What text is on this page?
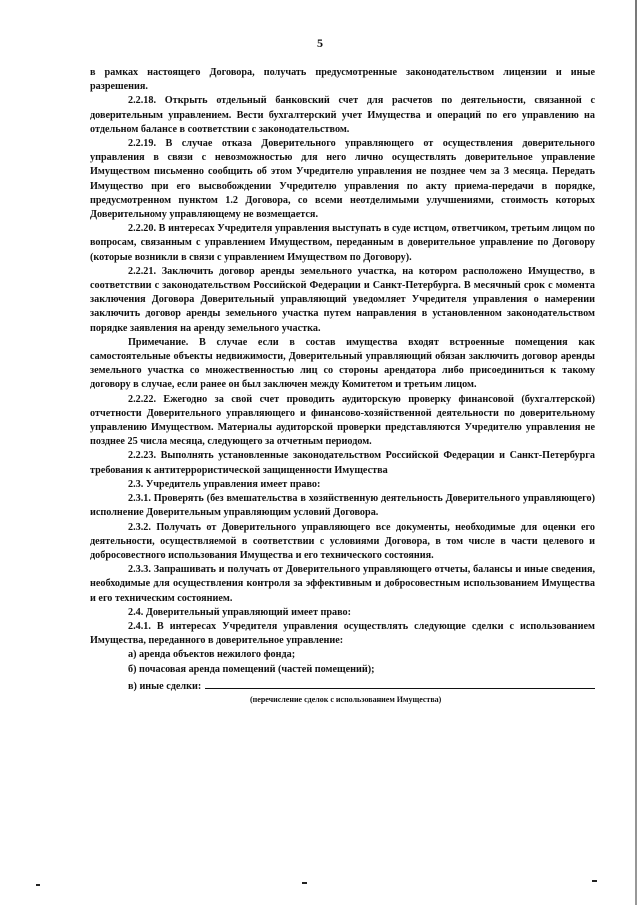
5

в рамках настоящего Договора, получать предусмотренные законодательством лицензии и иные разрешения.

2.2.18. Открыть отдельный банковский счет для расчетов по деятельности, связанной с доверительным управлением. Вести бухгалтерский учет Имущества и операций по его управлению на отдельном балансе в соответствии с законодательством.

2.2.19. В случае отказа Доверительного управляющего от осуществления доверительного управления в связи с невозможностью для него лично осуществлять доверительное управление Имуществом письменно сообщить об этом Учредителю управления не позднее чем за 3 месяца. Передать Имущество при его высвобождении Учредителю управления по акту приема-передачи в порядке, предусмотренном пунктом 1.2 Договора, со всеми неотделимыми улучшениями, стоимость которых Доверительному управляющему не возмещается.

2.2.20. В интересах Учредителя управления выступать в суде истцом, ответчиком, третьим лицом по вопросам, связанным с управлением Имуществом, переданным в доверительное управление по Договору (которые возникли в связи с управлением Имуществом по Договору).

2.2.21. Заключить договор аренды земельного участка, на котором расположено Имущество, в соответствии с законодательством Российской Федерации и Санкт-Петербурга. В месячный срок с момента заключения Договора Доверительный управляющий уведомляет Учредителя управления о намерении заключить договор аренды земельного участка путем направления в установленном законодательством порядке заявления на аренду земельного участка.

Примечание. В случае если в состав имущества входят встроенные помещения как самостоятельные объекты недвижимости, Доверительный управляющий обязан заключить договор аренды земельного участка со множественностью лиц со стороны арендатора либо присоединиться к такому договору в случае, если ранее он был заключен между Комитетом и третьим лицом.

2.2.22. Ежегодно за свой счет проводить аудиторскую проверку финансовой (бухгалтерской) отчетности Доверительного управляющего и финансово-хозяйственной деятельности по доверительному управлению Имуществом. Материалы аудиторской проверки представляются Учредителю управления не позднее 25 числа месяца, следующего за отчетным периодом.

2.2.23. Выполнять установленные законодательством Российской Федерации и Санкт-Петербурга требования к антитеррористической защищенности Имущества

2.3. Учредитель управления имеет право:

2.3.1. Проверять (без вмешательства в хозяйственную деятельность Доверительного управляющего) исполнение Доверительным управляющим условий Договора.

2.3.2. Получать от Доверительного управляющего все документы, необходимые для оценки его деятельности, осуществляемой в соответствии с условиями Договора, в том числе в части целевого и добросовестного использования Имущества и его технического состояния.

2.3.3. Запрашивать и получать от Доверительного управляющего отчеты, балансы и иные сведения, необходимые для осуществления контроля за эффективным и добросовестным использованием Имущества и его техническим состоянием.

2.4. Доверительный управляющий имеет право:

2.4.1. В интересах Учредителя управления осуществлять следующие сделки с использованием Имущества, переданного в доверительное управление:

а) аренда объектов нежилого фонда;

б) почасовая аренда помещений (частей помещений);

в) иные сделки:
(перечисление сделок с использованием Имущества)
